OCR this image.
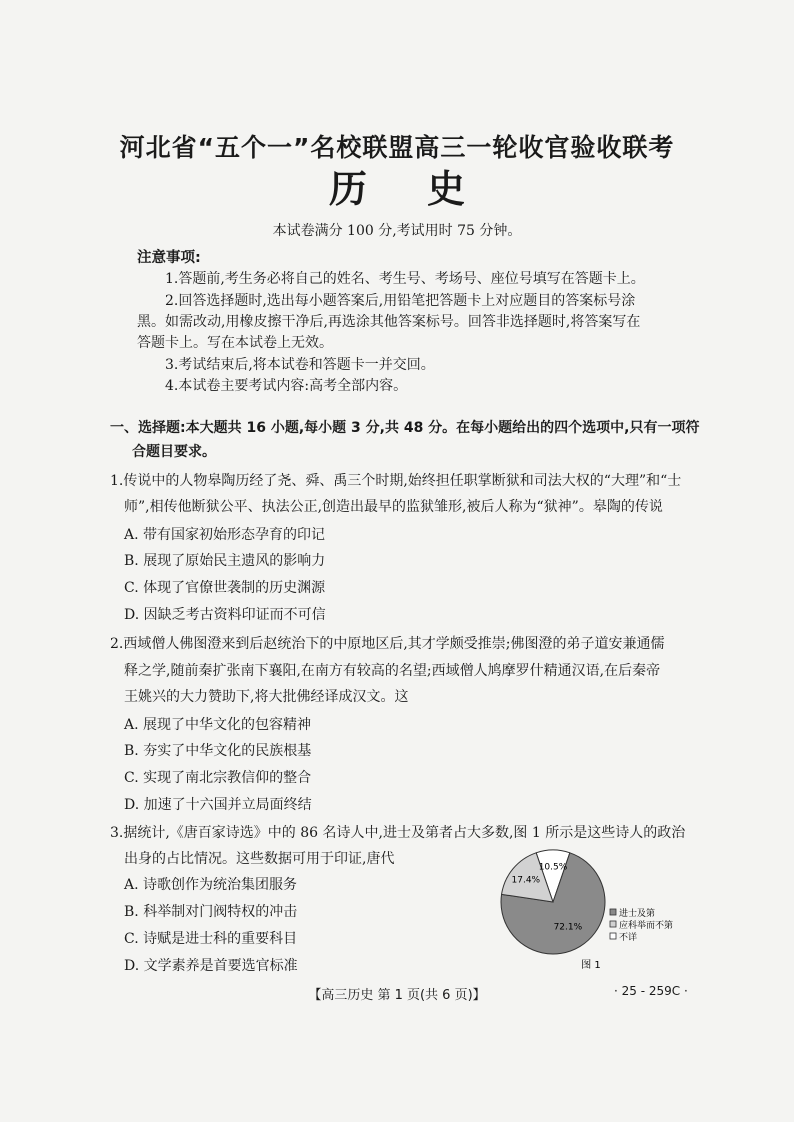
河北省“五个一”名校联盟高三一轮收官验收联考
历 史
本试卷满分 100 分,考试用时 75 分钟。
注意事项:
1.答题前,考生务必将自己的姓名、考生号、考场号、座位号填写在答题卡上。
2.回答选择题时,选出每小题答案后,用铅笔把答题卡上对应题目的答案标号涂
黑。如需改动,用橡皮擦干净后,再选涂其他答案标号。回答非选择题时,将答案写在
答题卡上。写在本试卷上无效。
3.考试结束后,将本试卷和答题卡一并交回。
4.本试卷主要考试内容:高考全部内容。
一、选择题:本大题共 16 小题,每小题 3 分,共 48 分。在每小题给出的四个选项中,只有一项符
合题目要求。
1.传说中的人物皋陶历经了尧、舜、禹三个时期,始终担任职掌断狱和司法大权的“大理”和“士
师”,相传他断狱公平、执法公正,创造出最早的监狱雏形,被后人称为“狱神”。皋陶的传说
A. 带有国家初始形态孕育的印记
B. 展现了原始民主遗风的影响力
C. 体现了官僚世袭制的历史渊源
D. 因缺乏考古资料印证而不可信
2.西域僧人佛图澄来到后赵统治下的中原地区后,其才学颇受推崇;佛图澄的弟子道安兼通儒
释之学,随前秦扩张南下襄阳,在南方有较高的名望;西域僧人鸠摩罗什精通汉语,在后秦帝
王姚兴的大力赞助下,将大批佛经译成汉文。这
A. 展现了中华文化的包容精神
B. 夯实了中华文化的民族根基
C. 实现了南北宗教信仰的整合
D. 加速了十六国并立局面终结
3.据统计,《唐百家诗选》中的 86 名诗人中,进士及第者占大多数,图 1 所示是这些诗人的政治
出身的占比情况。这些数据可用于印证,唐代
A. 诗歌创作为统治集团服务
B. 科举制对门阀特权的冲击
C. 诗赋是进士科的重要科目
D. 文学素养是首要选官标准
72.1%
17.4%
10.5%
进士及第
应科举而不第
不详
图 1
【高三历史 第 1 页(共 6 页)】	· 25 - 259C ·
